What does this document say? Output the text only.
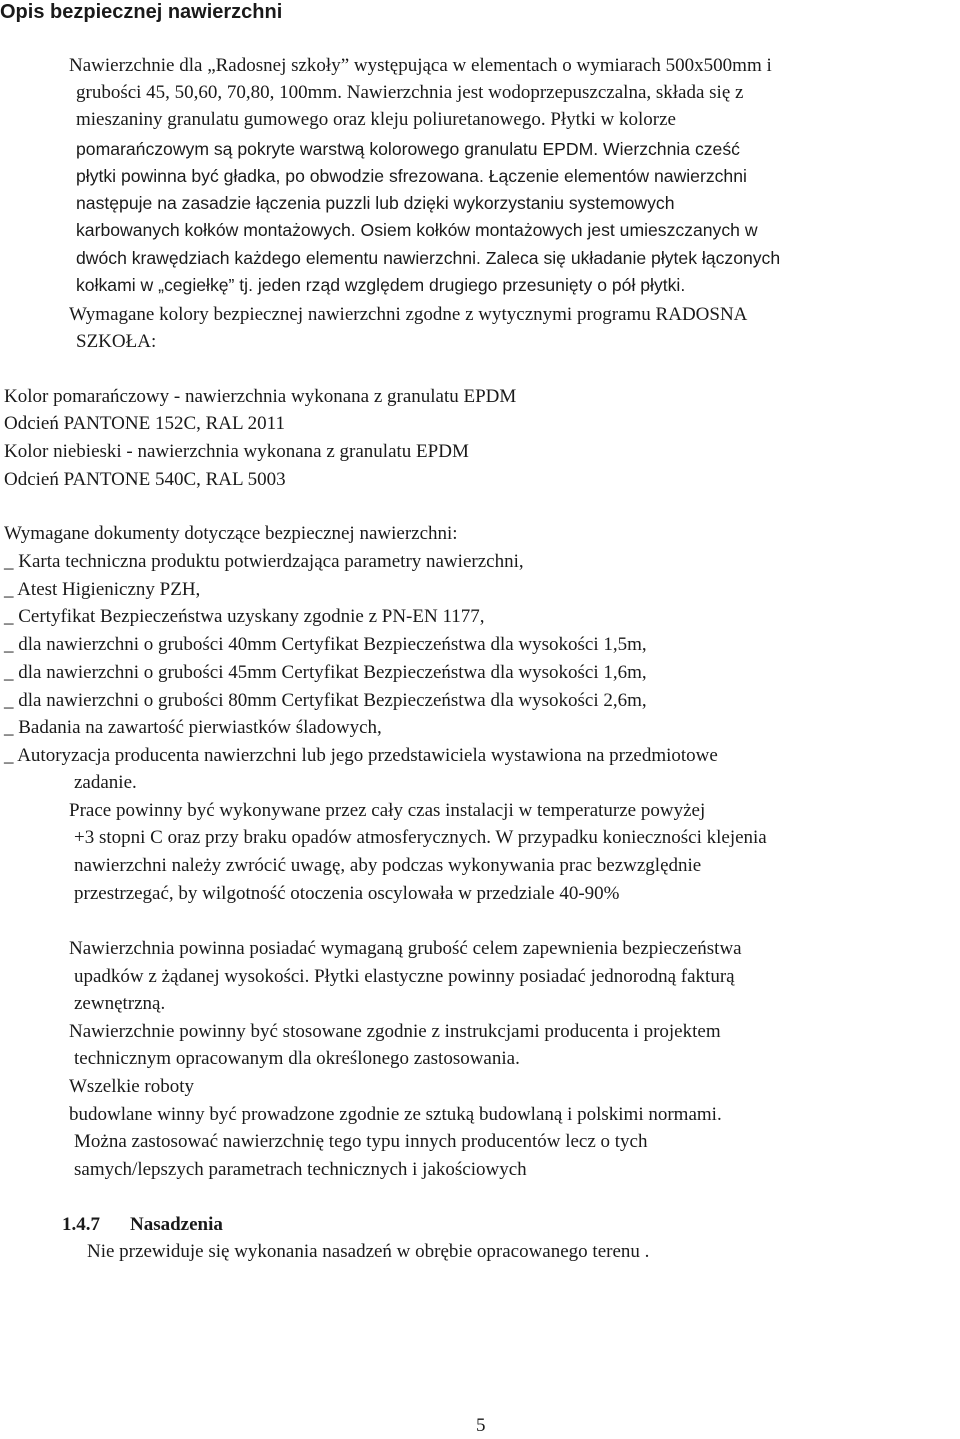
Opis bezpiecznej nawierzchni
Nawierzchnie dla „Radosnej szkoły” występująca w elementach o wymiarach 500x500mm i
grubości 45, 50,60, 70,80, 100mm. Nawierzchnia jest wodoprzepuszczalna, składa się z
mieszaniny granulatu gumowego oraz kleju poliuretanowego. Płytki w kolorze
pomarańczowym są pokryte warstwą kolorowego granulatu EPDM. Wierzchnia cześć
płytki powinna być gładka, po obwodzie sfrezowana. Łączenie elementów nawierzchni
następuje na zasadzie łączenia puzzli lub dzięki wykorzystaniu systemowych
karbowanych kołków montażowych. Osiem kołków montażowych jest umieszczanych w
dwóch krawędziach każdego elementu nawierzchni. Zaleca się układanie płytek łączonych
kołkami w „cegiełkę” tj. jeden rząd względem drugiego przesunięty o pół płytki.
Wymagane kolory bezpiecznej nawierzchni zgodne z wytycznymi programu RADOSNA
SZKOŁA:
Kolor pomarańczowy - nawierzchnia wykonana z granulatu EPDM
Odcień PANTONE 152C, RAL 2011
Kolor niebieski - nawierzchnia wykonana z granulatu EPDM
Odcień PANTONE 540C, RAL 5003
Wymagane dokumenty dotyczące bezpiecznej nawierzchni:
_ Karta techniczna produktu potwierdzająca parametry nawierzchni,
_ Atest Higieniczny PZH,
_ Certyfikat Bezpieczeństwa uzyskany zgodnie z PN-EN 1177,
_ dla nawierzchni o grubości 40mm Certyfikat Bezpieczeństwa dla wysokości 1,5m,
_ dla nawierzchni o grubości 45mm Certyfikat Bezpieczeństwa dla wysokości 1,6m,
_ dla nawierzchni o grubości 80mm Certyfikat Bezpieczeństwa dla wysokości 2,6m,
_ Badania na zawartość pierwiastków śladowych,
_ Autoryzacja producenta nawierzchni lub jego przedstawiciela wystawiona na przedmiotowe
zadanie.
Prace powinny być wykonywane przez cały czas instalacji w temperaturze powyżej
+3 stopni C oraz przy braku opadów atmosferycznych. W przypadku konieczności klejenia
nawierzchni należy zwrócić uwagę, aby podczas wykonywania prac bezwzględnie
przestrzegać, by wilgotność otoczenia oscylowała w przedziale 40-90%
Nawierzchnia powinna posiadać wymaganą grubość celem zapewnienia bezpieczeństwa
upadków z żądanej wysokości. Płytki elastyczne powinny posiadać jednorodną fakturą
zewnętrzną.
Nawierzchnie powinny być stosowane zgodnie z instrukcjami producenta i projektem
technicznym opracowanym dla określonego zastosowania.
Wszelkie roboty
budowlane winny być prowadzone zgodnie ze sztuką budowlaną i polskimi normami.
Można zastosować nawierzchnię tego typu innych producentów lecz o tych
samych/lepszych parametrach technicznych i jakościowych
1.4.7 Nasadzenia
Nie przewiduje się wykonania nasadzeń w obrębie opracowanego terenu .
5
